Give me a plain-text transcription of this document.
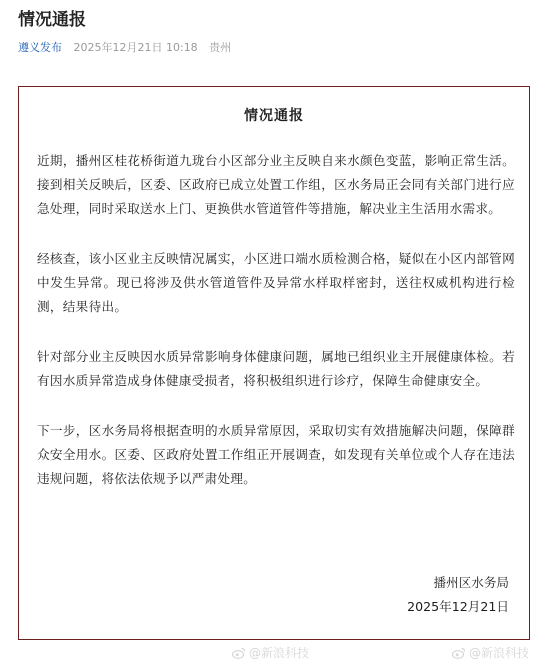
情况通报
遵义发布 2025年12月21日 10:18 贵州
情况通报

近期，播州区桂花桥街道九珑台小区部分业主反映自来水颜色变蓝，影响正常生活。接到相关反映后，区委、区政府已成立处置工作组，区水务局正会同有关部门进行应急处理，同时采取送水上门、更换供水管道管件等措施，解决业主生活用水需求。

经核查，该小区业主反映情况属实，小区进口端水质检测合格，疑似在小区内部管网中发生异常。现已将涉及供水管道管件及异常水样取样密封，送往权威机构进行检测，结果待出。

针对部分业主反映因水质异常影响身体健康问题，属地已组织业主开展健康体检。若有因水质异常造成身体健康受损者，将积极组织进行诊疗，保障生命健康安全。

下一步，区水务局将根据查明的水质异常原因，采取切实有效措施解决问题，保障群众安全用水。区委、区政府处置工作组正开展调查，如发现有关单位或个人存在违法违规问题，将依法依规予以严肃处理。

播州区水务局
2025年12月21日
@新浪科技	@新浪科技
